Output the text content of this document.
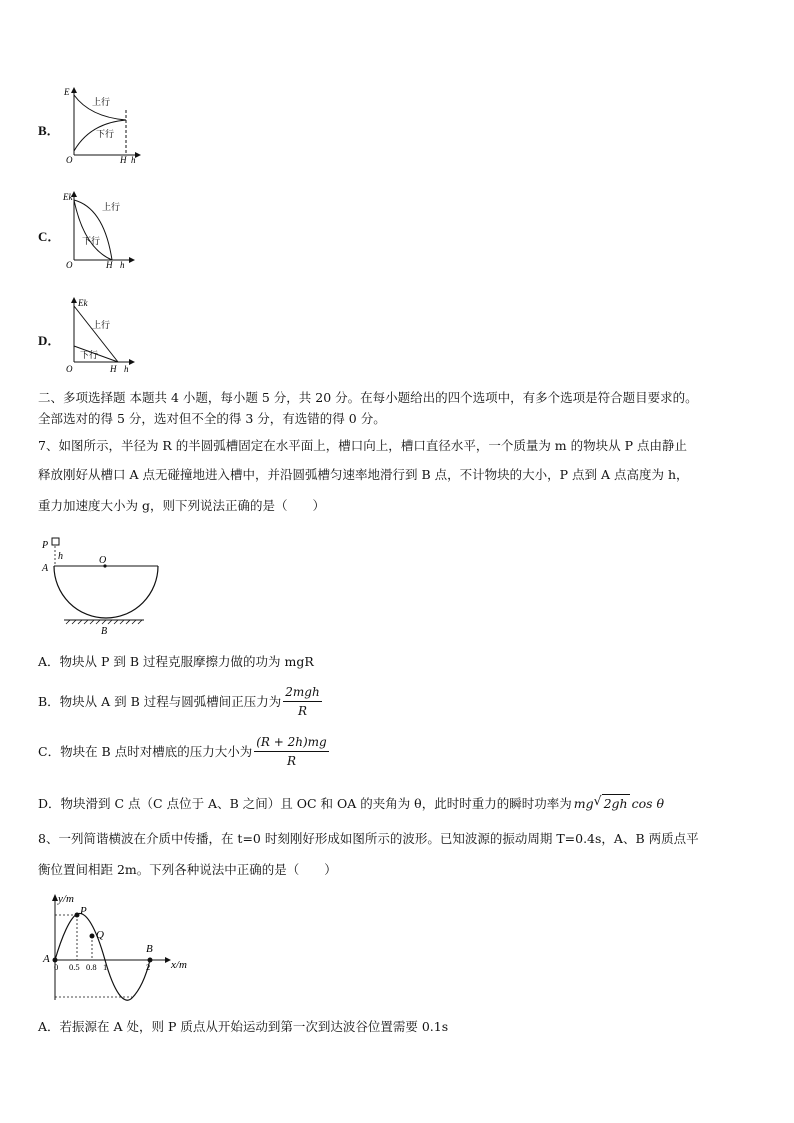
B．
E
上行
下行
O	H h
C．
Ek
上行
下行
O	H h
D．
Ek
上行
下行
O	H h
二、多项选择题 本题共 4 小题，每小题 5 分，共 20 分。在每小题给出的四个选项中，有多个选项是符合题目要求的。
全部选对的得 5 分，选对但不全的得 3 分，有选错的得 0 分。
7、如图所示，半径为 R 的半圆弧槽固定在水平面上，槽口向上，槽口直径水平，一个质量为 m 的物块从 P 点由静止
释放刚好从槽口 A 点无碰撞地进入槽中，并沿圆弧槽匀速率地滑行到 B 点，不计物块的大小，P 点到 A 点高度为 h，
重力加速度大小为 g，则下列说法正确的是（　　）
P
h
A
O
B
A．物块从 P 到 B 过程克服摩擦力做的功为 mgR
B．物块从 A 到 B 过程与圆弧槽间正压力为 $\frac{\text{2mgh}}{R}$
C．物块在 B 点时对槽底的压力大小为 $\frac{(R + 2h)mg}{R}$
D．物块滑到 C 点（C 点位于 A、B 之间）且 OC 和 OA 的夹角为 θ，此时时重力的瞬时功率为 mg √ 2gh cos θ
8、一列简谐横波在介质中传播，在 t=0 时刻刚好形成如图所示的波形。已知波源的振动周期 T=0.4s，A、B 两质点平
衡位置间相距 2m。下列各种说法中正确的是（　　）
y/m
x/m
P
Q
A
B
0 0.5 0.8 1	2
A．若振源在 A 处，则 P 质点从开始运动到第一次到达波谷位置需要 0.1s
